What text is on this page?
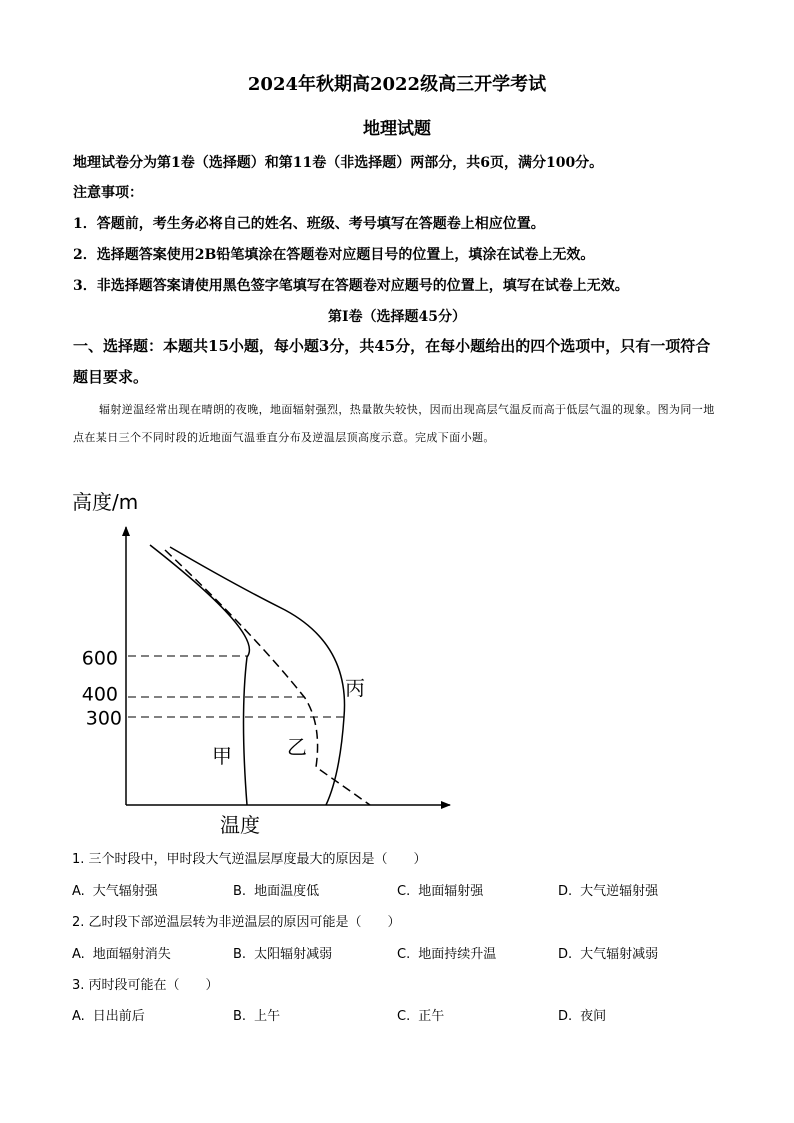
2024年秋期高2022级高三开学考试
地理试题
地理试卷分为第1卷（选择题）和第11卷（非选择题）两部分，共6页，满分100分。
注意事项：
1．答题前，考生务必将自己的姓名、班级、考号填写在答题卷上相应位置。
2．选择题答案使用2B铅笔填涂在答题卷对应题目号的位置上，填涂在试卷上无效。
3．非选择题答案请使用黑色签字笔填写在答题卷对应题号的位置上，填写在试卷上无效。
第Ⅰ卷（选择题45分）
一、选择题：本题共15小题，每小题3分，共45分，在每小题给出的四个选项中，只有一项符合题目要求。
辐射逆温经常出现在晴朗的夜晚，地面辐射强烈，热量散失较快，因而出现高层气温反而高于低层气温的现象。图为同一地点在某日三个不同时段的近地面气温垂直分布及逆温层顶高度示意。完成下面小题。
高度/m
600
400
300
甲	乙
丙
温度
1. 三个时段中，甲时段大气逆温层厚度最大的原因是（　　）
A. 大气辐射强	B. 地面温度低	C. 地面辐射强	D. 大气逆辐射强
2. 乙时段下部逆温层转为非逆温层的原因可能是（　　）
A. 地面辐射消失	B. 太阳辐射减弱	C. 地面持续升温	D. 大气辐射减弱
3. 丙时段可能在（　　）
A. 日出前后	B. 上午	C. 正午	D. 夜间
